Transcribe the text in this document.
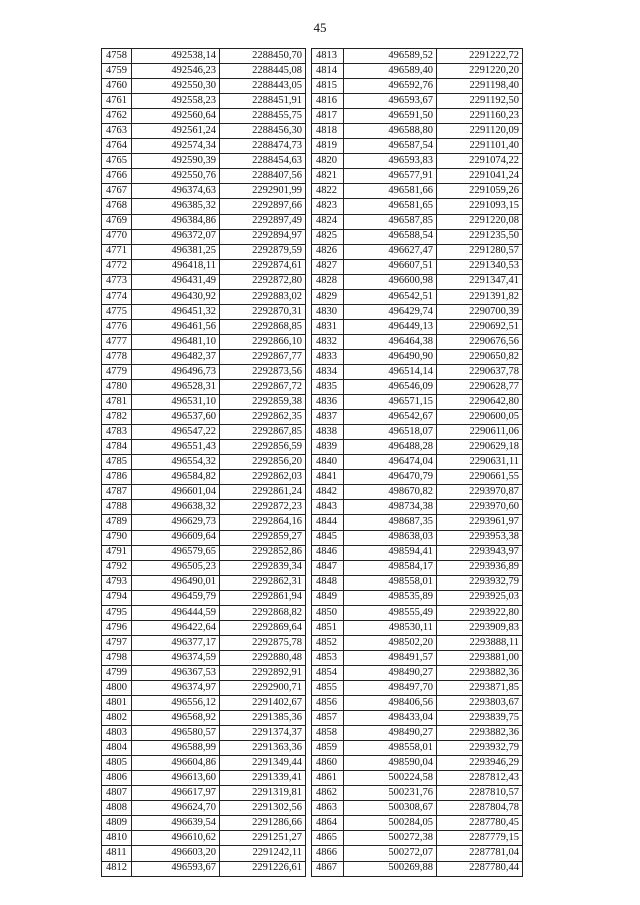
45
4758	492538,14	2288450,70
4759	492546,23	2288445,08
4760	492550,30	2288443,05
4761	492558,23	2288451,91
4762	492560,64	2288455,75
4763	492561,24	2288456,30
4764	492574,34	2288474,73
4765	492590,39	2288454,63
4766	492550,76	2288407,56
4767	496374,63	2292901,99
4768	496385,32	2292897,66
4769	496384,86	2292897,49
4770	496372,07	2292894,97
4771	496381,25	2292879,59
4772	496418,11	2292874,61
4773	496431,49	2292872,80
4774	496430,92	2292883,02
4775	496451,32	2292870,31
4776	496461,56	2292868,85
4777	496481,10	2292866,10
4778	496482,37	2292867,77
4779	496496,73	2292873,56
4780	496528,31	2292867,72
4781	496531,10	2292859,38
4782	496537,60	2292862,35
4783	496547,22	2292867,85
4784	496551,43	2292856,59
4785	496554,32	2292856,20
4786	496584,82	2292862,03
4787	496601,04	2292861,24
4788	496638,32	2292872,23
4789	496629,73	2292864,16
4790	496609,64	2292859,27
4791	496579,65	2292852,86
4792	496505,23	2292839,34
4793	496490,01	2292862,31
4794	496459,79	2292861,94
4795	496444,59	2292868,82
4796	496422,64	2292869,64
4797	496377,17	2292875,78
4798	496374,59	2292880,48
4799	496367,53	2292892,91
4800	496374,97	2292900,71
4801	496556,12	2291402,67
4802	496568,92	2291385,36
4803	496580,57	2291374,37
4804	496588,99	2291363,36
4805	496604,86	2291349,44
4806	496613,60	2291339,41
4807	496617,97	2291319,81
4808	496624,70	2291302,56
4809	496639,54	2291286,66
4810	496610,62	2291251,27
4811	496603,20	2291242,11
4812	496593,67	2291226,61
4813	496589,52	2291222,72
4814	496589,40	2291220,20
4815	496592,76	2291198,40
4816	496593,67	2291192,50
4817	496591,50	2291160,23
4818	496588,80	2291120,09
4819	496587,54	2291101,40
4820	496593,83	2291074,22
4821	496577,91	2291041,24
4822	496581,66	2291059,26
4823	496581,65	2291093,15
4824	496587,85	2291220,08
4825	496588,54	2291235,50
4826	496627,47	2291280,57
4827	496607,51	2291340,53
4828	496600,98	2291347,41
4829	496542,51	2291391,82
4830	496429,74	2290700,39
4831	496449,13	2290692,51
4832	496464,38	2290676,56
4833	496490,90	2290650,82
4834	496514,14	2290637,78
4835	496546,09	2290628,77
4836	496571,15	2290642,80
4837	496542,67	2290600,05
4838	496518,07	2290611,06
4839	496488,28	2290629,18
4840	496474,04	2290631,11
4841	496470,79	2290661,55
4842	498670,82	2293970,87
4843	498734,38	2293970,60
4844	498687,35	2293961,97
4845	498638,03	2293953,38
4846	498594,41	2293943,97
4847	498584,17	2293936,89
4848	498558,01	2293932,79
4849	498535,89	2293925,03
4850	498555,49	2293922,80
4851	498530,11	2293909,83
4852	498502,20	2293888,11
4853	498491,57	2293881,00
4854	498490,27	2293882,36
4855	498497,70	2293871,85
4856	498406,56	2293803,67
4857	498433,04	2293839,75
4858	498490,27	2293882,36
4859	498558,01	2293932,79
4860	498590,04	2293946,29
4861	500224,58	2287812,43
4862	500231,76	2287810,57
4863	500308,67	2287804,78
4864	500284,05	2287780,45
4865	500272,38	2287779,15
4866	500272,07	2287781,04
4867	500269,88	2287780,44
